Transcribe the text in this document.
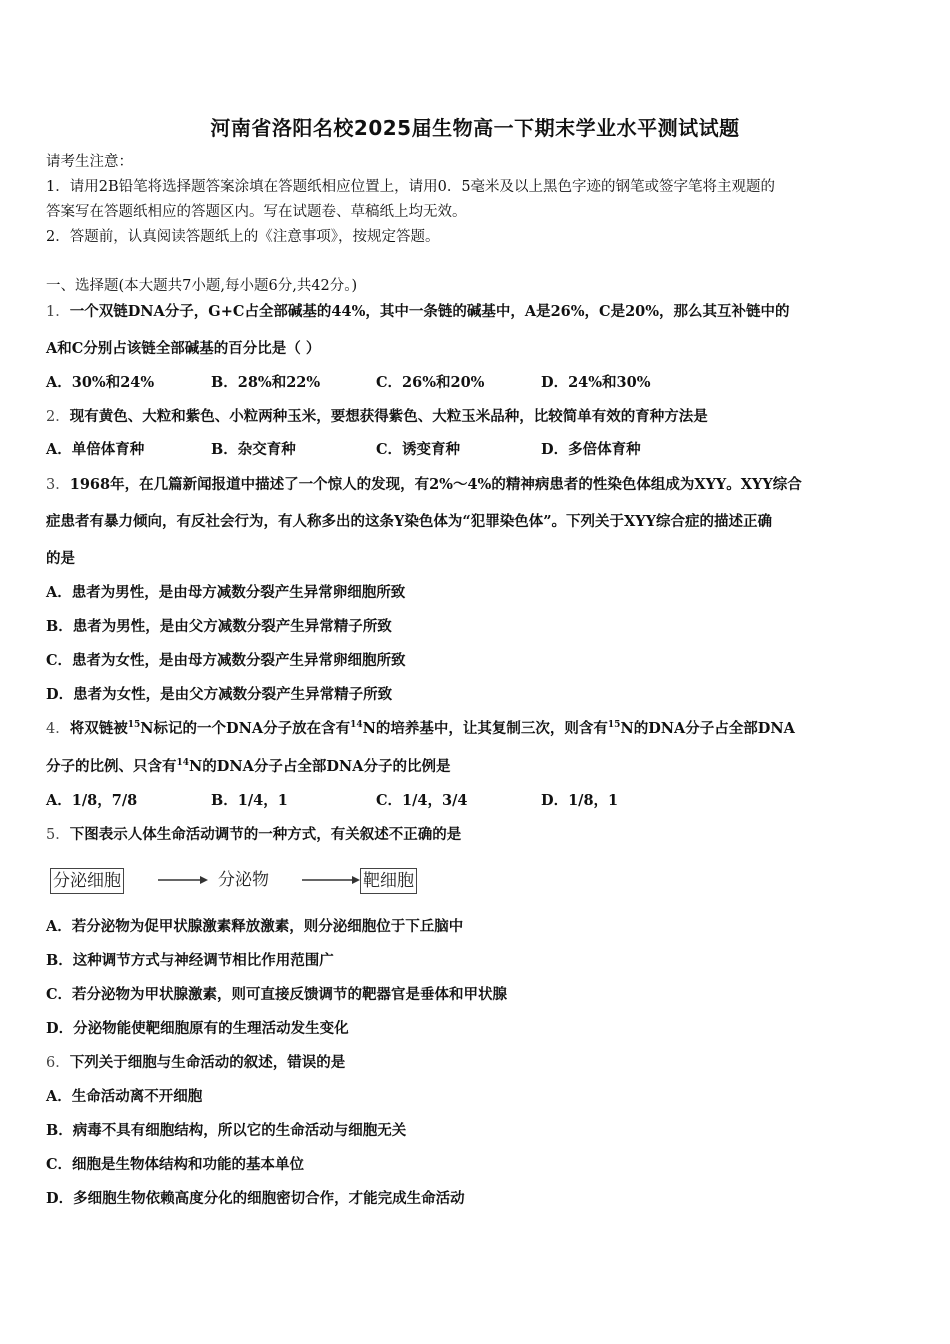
河南省洛阳名校2025届生物高一下期末学业水平测试试题
请考生注意：
1．请用2B铅笔将选择题答案涂填在答题纸相应位置上，请用0．5毫米及以上黑色字迹的钢笔或签字笔将主观题的
答案写在答题纸相应的答题区内。写在试题卷、草稿纸上均无效。
2．答题前，认真阅读答题纸上的《注意事项》，按规定答题。
一、选择题(本大题共7小题,每小题6分,共42分。)
1．一个双链DNA分子，G+C占全部碱基的44%，其中一条链的碱基中，A是26%，C是20%，那么其互补链中的
A和C分别占该链全部碱基的百分比是（ ）
A．30%和24%	B．28%和22%	C．26%和20%	D．24%和30%
2．现有黄色、大粒和紫色、小粒两种玉米，要想获得紫色、大粒玉米品种，比较简单有效的育种方法是
A．单倍体育种	B．杂交育种	C．诱变育种	D．多倍体育种
3．1968年，在几篇新闻报道中描述了一个惊人的发现，有2%～4%的精神病患者的性染色体组成为XYY。XYY综合
症患者有暴力倾向，有反社会行为，有人称多出的这条Y染色体为“犯罪染色体”。下列关于XYY综合症的描述正确
的是
A．患者为男性，是由母方减数分裂产生异常卵细胞所致
B．患者为男性，是由父方减数分裂产生异常精子所致
C．患者为女性，是由母方减数分裂产生异常卵细胞所致
D．患者为女性，是由父方减数分裂产生异常精子所致
4．将双链被$^{15}$N标记的一个DNA分子放在含有$^{14}$N的培养基中，让其复制三次，则含有$^{15}$N的DNA分子占全部DNA
分子的比例、只含有$^{14}$N的DNA分子占全部DNA分子的比例是
A．1/8，7/8	B．1/4，1	C．1/4，3/4	D．1/8，1
5．下图表示人体生命活动调节的一种方式，有关叙述不正确的是
分泌细胞	分泌物	靶细胞
A．若分泌物为促甲状腺激素释放激素，则分泌细胞位于下丘脑中
B．这种调节方式与神经调节相比作用范围广
C．若分泌物为甲状腺激素，则可直接反馈调节的靶器官是垂体和甲状腺
D．分泌物能使靶细胞原有的生理活动发生变化
6．下列关于细胞与生命活动的叙述，错误的是
A．生命活动离不开细胞
B．病毒不具有细胞结构，所以它的生命活动与细胞无关
C．细胞是生物体结构和功能的基本单位
D．多细胞生物依赖高度分化的细胞密切合作，才能完成生命活动
